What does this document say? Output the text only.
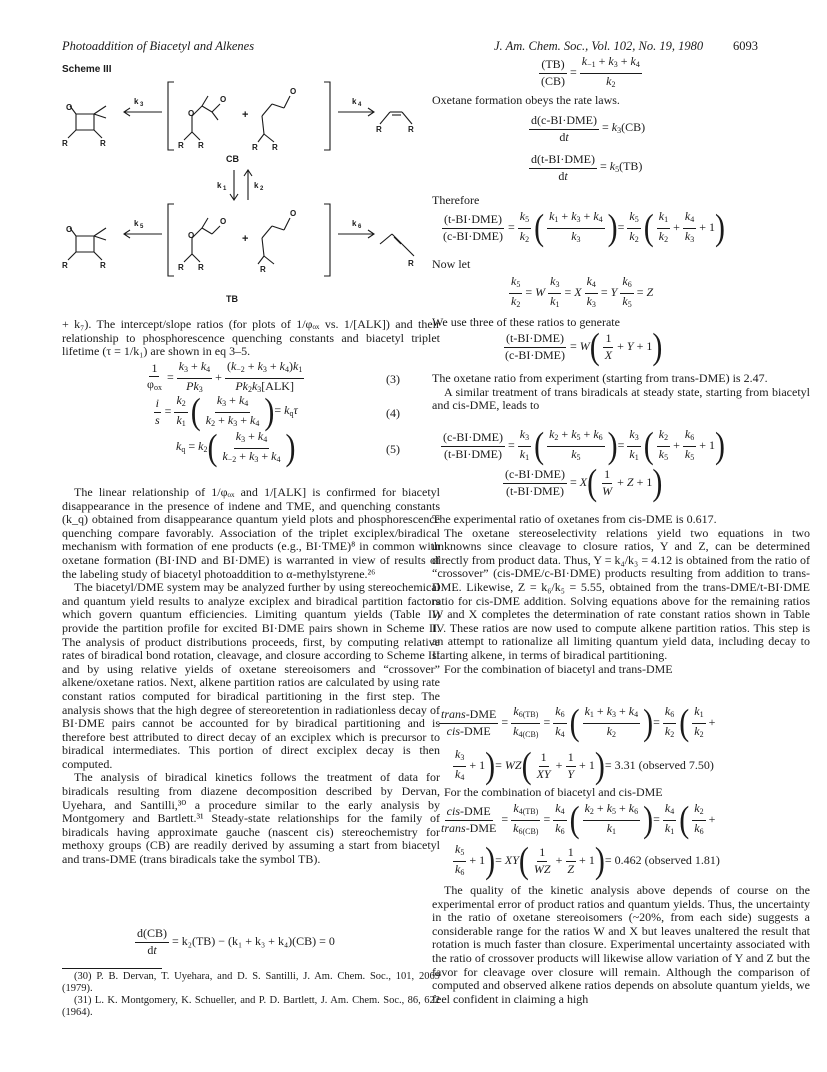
Photoaddition of Biacetyl and Alkenes	J. Am. Chem. Soc., Vol. 102, No. 19, 1980 6093
Scheme III
O
R	R
k 3
O
O
O
R R	R R
+
k 4
R	R
CB
k 1	k 2
O
R	R
k 5
O
O
O
R R	R
+
k 6
R
TB

+ k₇). The intercept/slope ratios (for plots of 1/φₒₓ vs. 1/[ALK]) and their relationship to phosphorescence quenching constants and biacetyl triplet lifetime (τ = 1/k₁) are shown in eq 3–5.

$\frac{1}{\varphi_{ox}} = \frac{k_3 + k_4}{Pk_3} + \frac{(k_{-2} + k_3 + k_4)k_1}{Pk_2k_3[ALK]}$	(3)
$\frac{i}{s} = \frac{k_2}{k_1}$ ( $\frac{k_3 + k_4}{k_2 + k_3 + k_4}$ ) = $k_q\tau$	(4)
$k_q = k_2$ ( $\frac{k_3 + k_4}{k_{-2} + k_3 + k_4}$ )	(5)

The linear relationship of 1/φₒₓ and 1/[ALK] is confirmed for biacetyl disappearance in the presence of indene and TME, and quenching constants (k_q) obtained from disappearance quantum yield plots and phosphorescence quenching compare favorably. Association of the triplet exciplex/biradical mechanism with formation of ene products (e.g., BI·TME)⁸ in common with oxetane formation (BI·IND and BI·DME) is warranted in view of results of the labeling study of biacetyl photoaddition to α-methylstyrene.²⁶

The biacetyl/DME system may be analyzed further by using stereochemical and quantum yield results to analyze exciplex and biradical partition factors which govern quantum efficiencies. Limiting quantum yields (Table II) provide the partition profile for excited BI·DME pairs shown in Scheme II. The analysis of product distributions proceeds, first, by computing relative rates of biradical bond rotation, cleavage, and closure according to Scheme III and by using relative yields of oxetane stereoisomers and “crossover” alkene/oxetane ratios. Next, alkene partition ratios are calculated by using rate constant ratios computed for biradical partitioning in the first step. The analysis shows that the high degree of stereoretention in radiationless decay of BI·DME pairs cannot be accounted for by biradical partitioning and is therefore best attributed to direct decay of an exciplex which is precursor to biradical intermediates. This portion of direct exciplex decay is then computed.

The analysis of biradical kinetics follows the treatment of data for biradicals resulting from diazene decomposition described by Dervan, Uyehara, and Santilli,³⁰ a procedure similar to the early analysis by Montgomery and Bartlett.³¹ Steady-state relationships for the family of biradicals having approximate gauche (nascent cis) stereochemistry for methoxy groups (CB) are readily derived by assuming a start from biacetyl and trans-DME (trans biradicals take the symbol TB).

$\frac{d(CB)}{dt} = k_2(TB) - (k_1 + k_3 + k_4)(CB) = 0$

(30) P. B. Dervan, T. Uyehara, and D. S. Santilli, J. Am. Chem. Soc., 101, 2069 (1979).

(31) L. K. Montgomery, K. Schueller, and P. D. Bartlett, J. Am. Chem. Soc., 86, 622 (1964).

$\frac{(TB)}{(CB)} = \frac{k_{-1} + k_3 + k_4}{k_2}$

Oxetane formation obeys the rate laws.

$\frac{\text{d(c-BI·DME)}}{dt} = k_3(CB)$
$\frac{\text{d(t-BI·DME)}}{dt} = k_5(TB)$

Therefore

$\frac{\text{(t-BI·DME)}}{\text{(c-BI·DME)}} = \frac{k_5}{k_2}$ ( $\frac{k_1 + k_3 + k_4}{k_3}$ ) = $\frac{k_5}{k_2}$ ( $\frac{k_1}{k_2} + \frac{k_4}{k_3} + 1$ )

Now let

$\frac{k_5}{k_2} = W \frac{k_3}{k_1} = X \frac{k_4}{k_3} = Y \frac{k_6}{k_5} = Z$

We use three of these ratios to generate

$\frac{\text{(t-BI·DME)}}{\text{(c-BI·DME)}} = W$ ( $\frac{1}{X} + Y + 1$ )

The oxetane ratio from experiment (starting from trans-DME) is 2.47.

A similar treatment of trans biradicals at steady state, starting from biacetyl and cis-DME, leads to

$\frac{\text{(c-BI·DME)}}{\text{(t-BI·DME)}} = \frac{k_3}{k_1}$ ( $\frac{k_2 + k_5 + k_6}{k_5}$ ) = $\frac{k_3}{k_1}$ ( $\frac{k_2}{k_5} + \frac{k_6}{k_5} + 1$ )
$\frac{\text{(c-BI·DME)}}{\text{(t-BI·DME)}} = X$ ( $\frac{1}{W} + Z + 1$ )

The experimental ratio of oxetanes from cis-DME is 0.617.

The oxetane stereoselectivity relations yield two equations in two unknowns since cleavage to closure ratios, Y and Z, can be determined directly from product data. Thus, Y = k₄/k₃ = 4.12 is obtained from the ratio of “crossover” (cis-DME/c-BI·DME) products resulting from addition to trans-DME. Likewise, Z = k₆/k₅ = 5.55, obtained from the trans-DME/t-BI·DME ratio for cis-DME addition. Solving equations above for the remaining ratios W and X completes the determination of rate constant ratios shown in Table IV. These ratios are now used to compute alkene partition ratios. This step is an attempt to rationalize all limiting quantum yield data, including decay to starting alkene, in terms of biradical partitioning.

For the combination of biacetyl and trans-DME

$\frac{\text{trans-DME}}{\text{cis-DME}} = \frac{k_{6(TB)}}{k_{4(CB)}} = \frac{k_6}{k_4}$ ( $\frac{k_1 + k_3 + k_4}{k_2}$ ) = $\frac{k_6}{k_2}$ ( $\frac{k_1}{k_2}$ +
$\frac{k_3}{k_4} + 1$ ) = WZ ( $\frac{1}{XY} + \frac{1}{Y} + 1$ ) = 3.31 (observed 7.50)

For the combination of biacetyl and cis-DME

$\frac{\text{cis-DME}}{\text{trans-DME}} = \frac{k_{4(TB)}}{k_{6(CB)}} = \frac{k_4}{k_6}$ ( $\frac{k_2 + k_5 + k_6}{k_1}$ ) = $\frac{k_4}{k_1}$ ( $\frac{k_2}{k_6}$ +
$\frac{k_5}{k_6} + 1$ ) = XY ( $\frac{1}{WZ} + \frac{1}{Z} + 1$ ) = 0.462 (observed 1.81)

The quality of the kinetic analysis above depends of course on the experimental error of product ratios and quantum yields. Thus, the uncertainty in the ratio of oxetane stereoisomers (~20%, from each side) suggests a considerable range for the ratios W and X but leaves unaltered the result that rotation is much faster than closure. Experimental uncertainty associated with the ratio of crossover products will likewise allow variation of Y and Z but the favor for cleavage over closure will remain. Although the comparison of computed and observed alkene ratios depends on absolute quantum yields, we feel confident in claiming a high
